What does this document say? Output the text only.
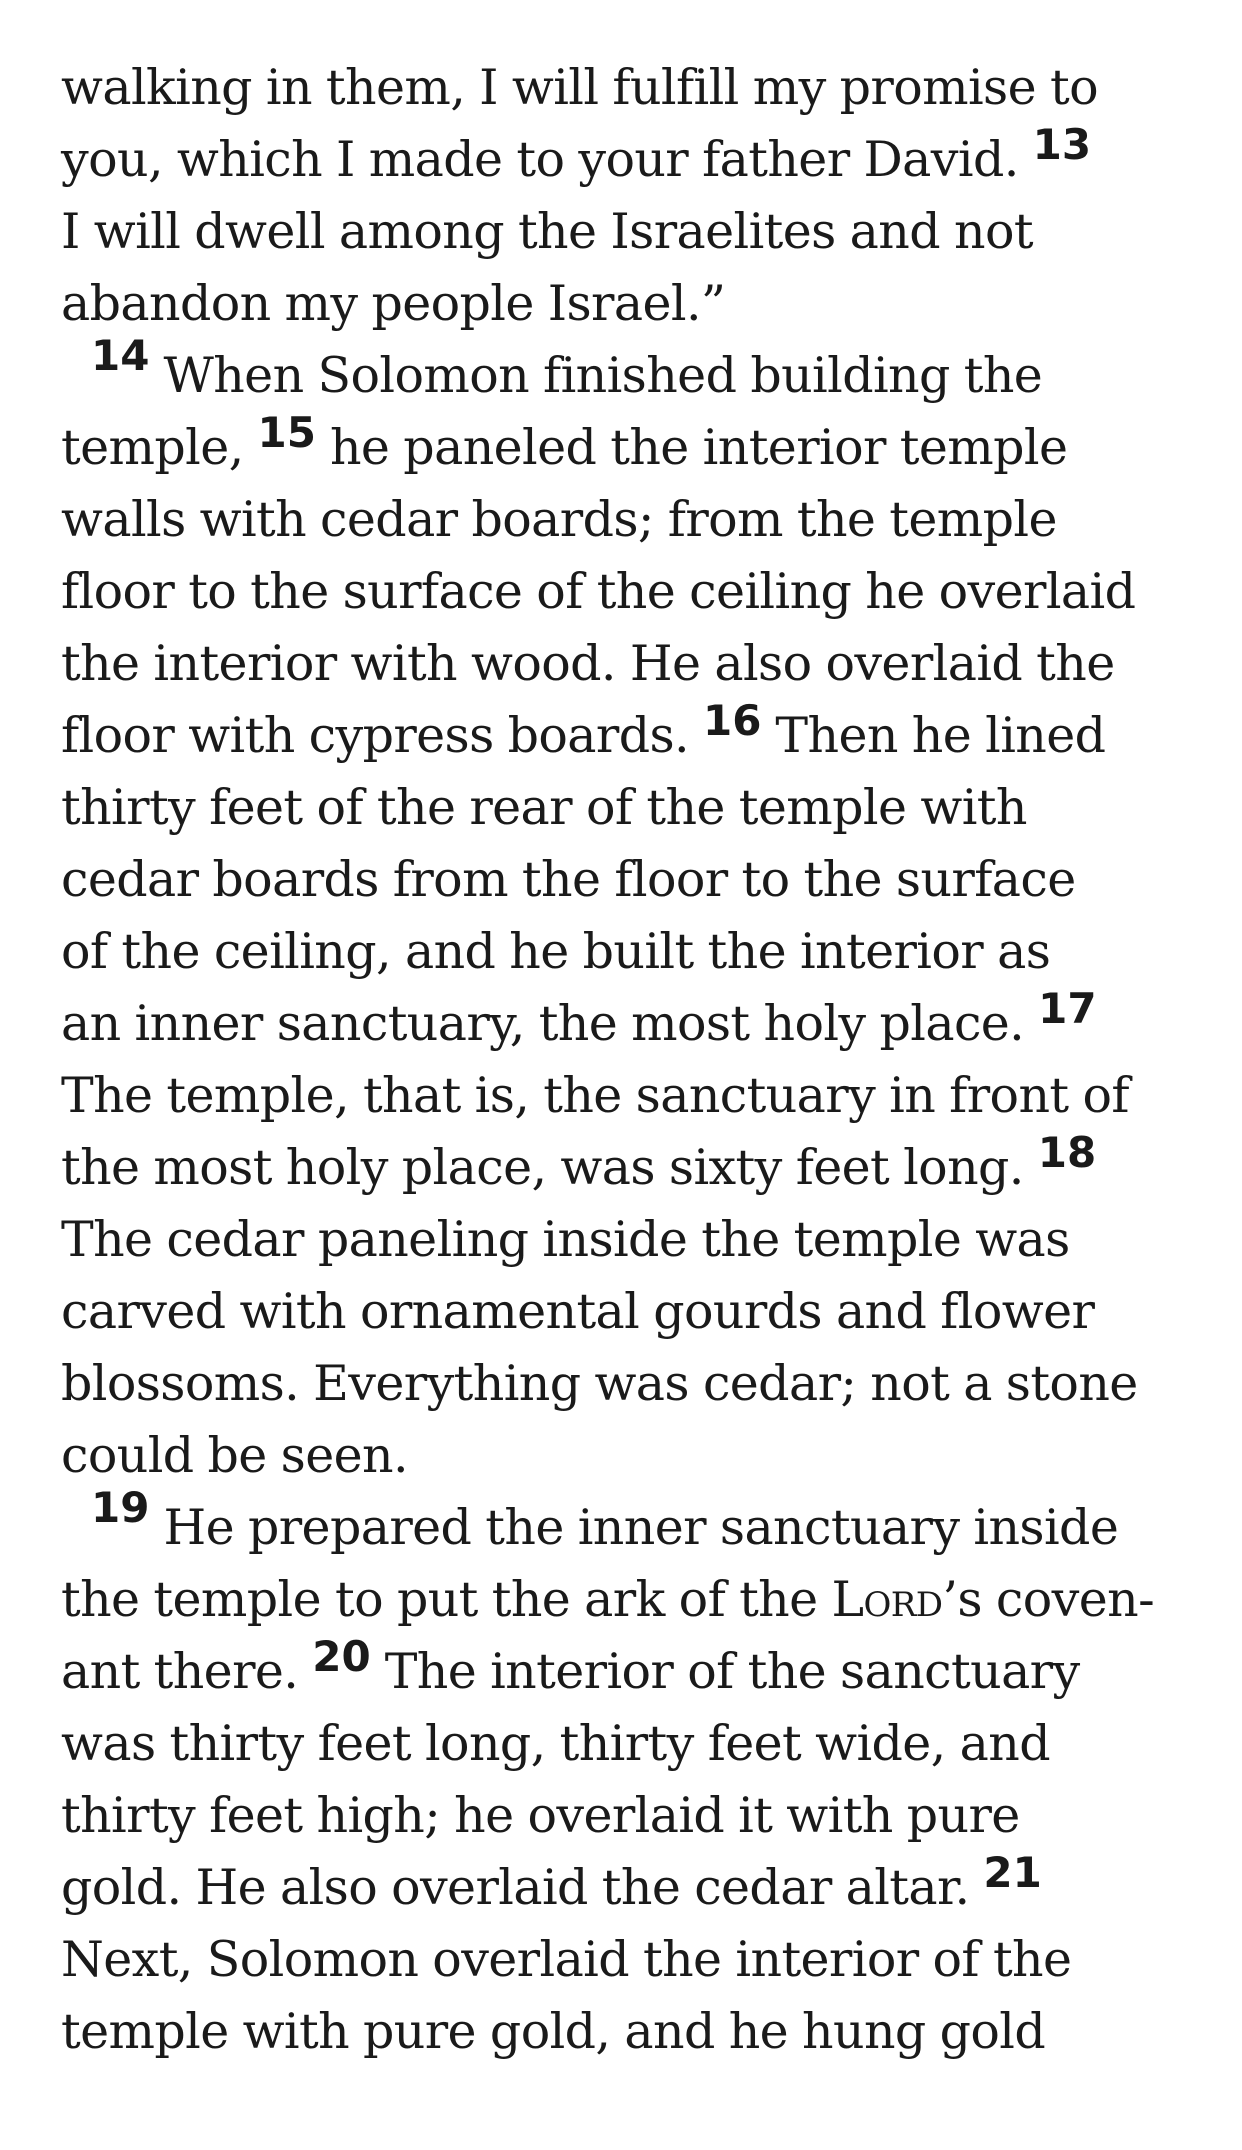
walking in them, I will fulfill my promise to
you, which I made to your father David. 13
I will dwell among the Israelites and not
abandon my people Israel.”
14 When Solomon finished building the
temple, 15 he paneled the interior temple
walls with cedar boards; from the temple
floor to the surface of the ceiling he overlaid
the interior with wood. He also overlaid the
floor with cypress boards. 16 Then he lined
thirty feet of the rear of the temple with
cedar boards from the floor to the surface
of the ceiling, and he built the interior as
an inner sanctuary, the most holy place. 17
The temple, that is, the sanctuary in front of
the most holy place, was sixty feet long. 18
The cedar paneling inside the temple was
carved with ornamental gourds and flower
blossoms. Everything was cedar; not a stone
could be seen.
19 He prepared the inner sanctuary inside
the temple to put the ark of the Lord’s coven-
ant there. 20 The interior of the sanctuary
was thirty feet long, thirty feet wide, and
thirty feet high; he overlaid it with pure
gold. He also overlaid the cedar altar. 21
Next, Solomon overlaid the interior of the
temple with pure gold, and he hung gold
